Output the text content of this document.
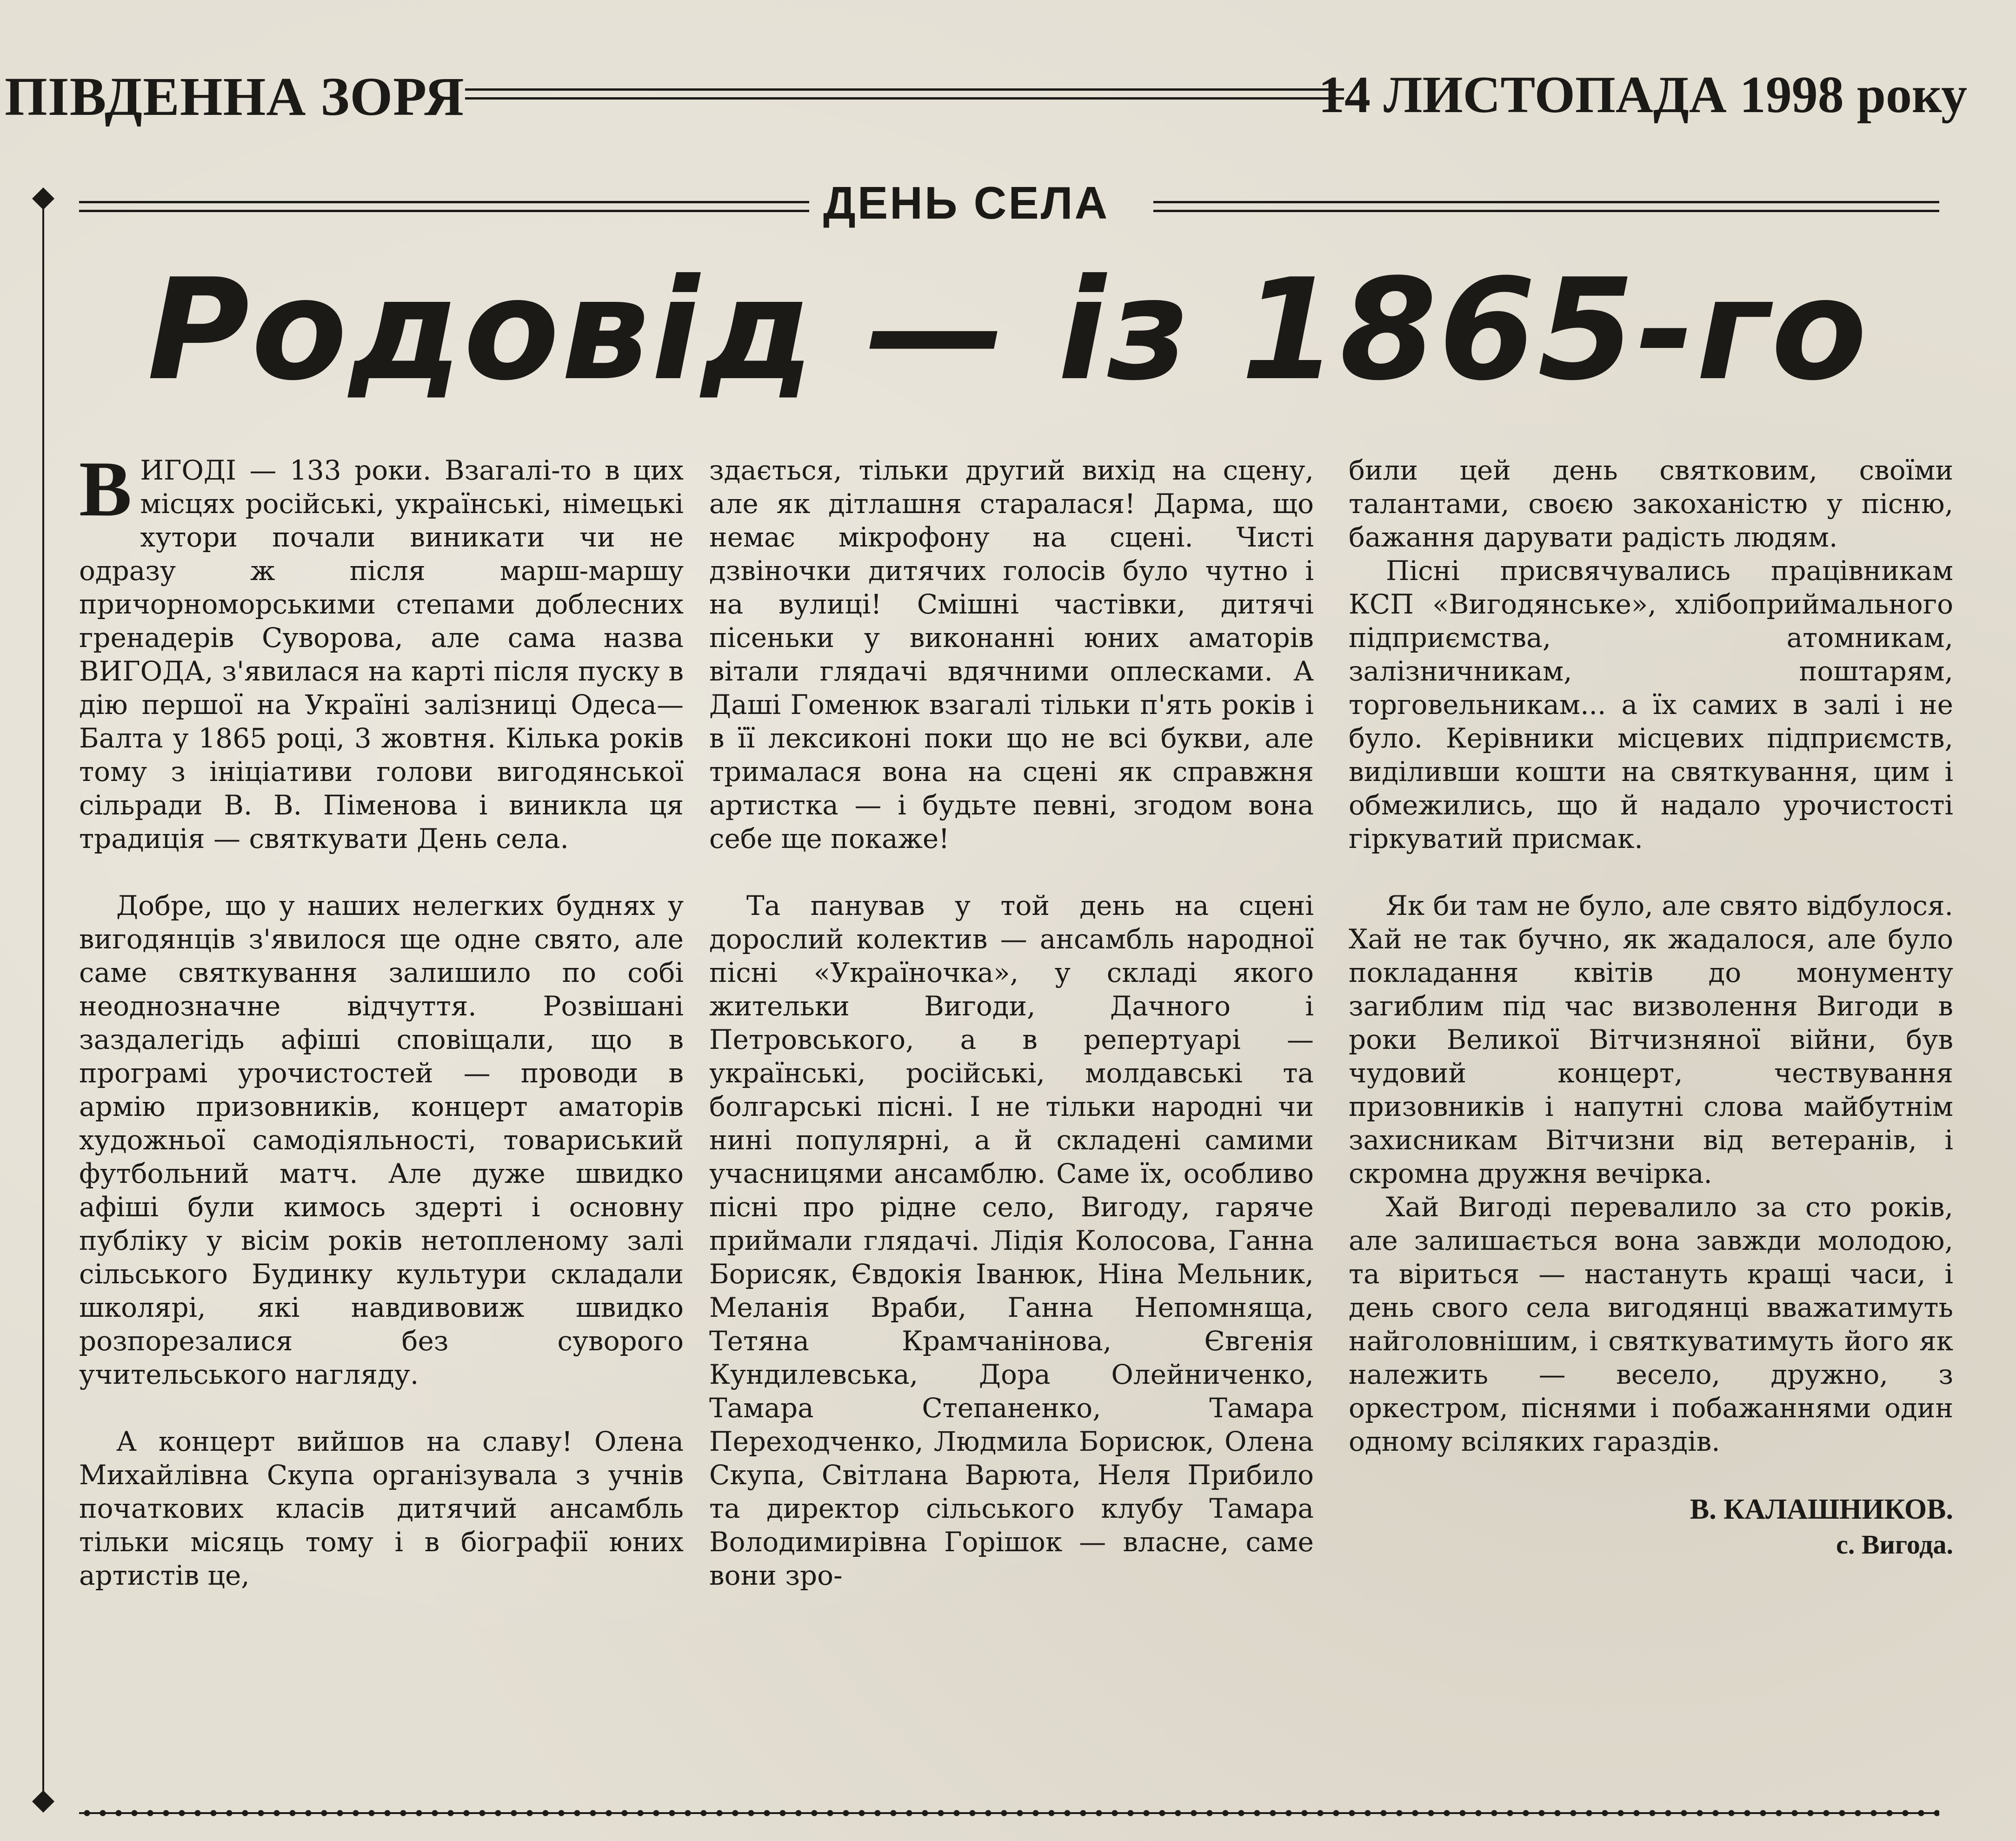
ПІВДЕННА ЗОРЯ	14 ЛИСТОПАДА 1998 року
ДЕНЬ СЕЛА
Родовід — із 1865-го

ВИГОДІ — 133 роки. Взагалі-то в цих місцях російські, українські, німецькі хутори почали виникати чи не одразу ж після марш-маршу причорноморськими степами доблесних гренадерів Суворова, але сама назва ВИГОДА, з'явилася на карті після пуску в дію першої на Україні залізниці Одеса—Балта у 1865 році, 3 жовтня. Кілька років тому з ініціативи голови вигодянської сільради В. В. Піменова і виникла ця традиція — святкувати День села.

Добре, що у наших нелегких буднях у вигодянців з'явилося ще одне свято, але саме святкування залишило по собі неоднозначне відчуття. Розвішані заздалегідь афіші сповіщали, що в програмі урочистостей — проводи в армію призовників, концерт аматорів художньої самодіяльності, товариський футбольний матч. Але дуже швидко афіші були кимось здерті і основну публіку у вісім років нетопленому залі сільського Будинку культури складали школярі, які навдивовиж швидко розпорезалися без суворого учительського нагляду.

А концерт вийшов на славу! Олена Михайлівна Скупа організувала з учнів початкових класів дитячий ансамбль тільки місяць тому і в біографії юних артистів це,

здається, тільки другий вихід на сцену, але як дітлашня старалася! Дарма, що немає мікрофону на сцені. Чисті дзвіночки дитячих голосів було чутно і на вулиці! Смішні частівки, дитячі пісеньки у виконанні юних аматорів вітали глядачі вдячними оплесками. А Даші Гоменюк взагалі тільки п'ять років і в її лексиконі поки що не всі букви, але трималася вона на сцені як справжня артистка — і будьте певні, згодом вона себе ще покаже!

Та панував у той день на сцені дорослий колектив — ансамбль народної пісні «Україночка», у складі якого жительки Вигоди, Дачного і Петровського, а в репертуарі — українські, російські, молдавські та болгарські пісні. І не тільки народні чи нині популярні, а й складені самими учасницями ансамблю. Саме їх, особливо пісні про рідне село, Вигоду, гаряче приймали глядачі. Лідія Колосова, Ганна Борисяк, Євдокія Іванюк, Ніна Мельник, Меланія Враби, Ганна Непомняща, Тетяна Крамчанінова, Євгенія Кундилевська, Дора Олейниченко, Тамара Степаненко, Тамара Переходченко, Людмила Борисюк, Олена Скупа, Світлана Варюта, Неля Прибило та директор сільського клубу Тамара Володимирівна Горішок — власне, саме вони зро-

били цей день святковим, своїми талантами, своєю закоханістю у пісню, бажання дарувати радість людям.

Пісні присвячувались працівникам КСП «Вигодянське», хлібоприймального підприємства, атомникам, залізничникам, поштарям, торговельникам... а їх самих в залі і не було. Керівники місцевих підприємств, виділивши кошти на святкування, цим і обмежились, що й надало урочистості гіркуватий присмак.

Як би там не було, але свято відбулося. Хай не так бучно, як жадалося, але було покладання квітів до монументу загиблим під час визволення Вигоди в роки Великої Вітчизняної війни, був чудовий концерт, чествування призовників і напутні слова майбутнім захисникам Вітчизни від ветеранів, і скромна дружня вечірка.

Хай Вигоді перевалило за сто років, але залишається вона завжди молодою, та віриться — настануть кращі часи, і день свого села вигодянці вважатимуть найголовнішим, і святкуватимуть його як належить — весело, дружно, з оркестром, піснями і побажаннями один одному всіляких гараздів.

В. КАЛАШНИКОВ.
с. Вигода.
